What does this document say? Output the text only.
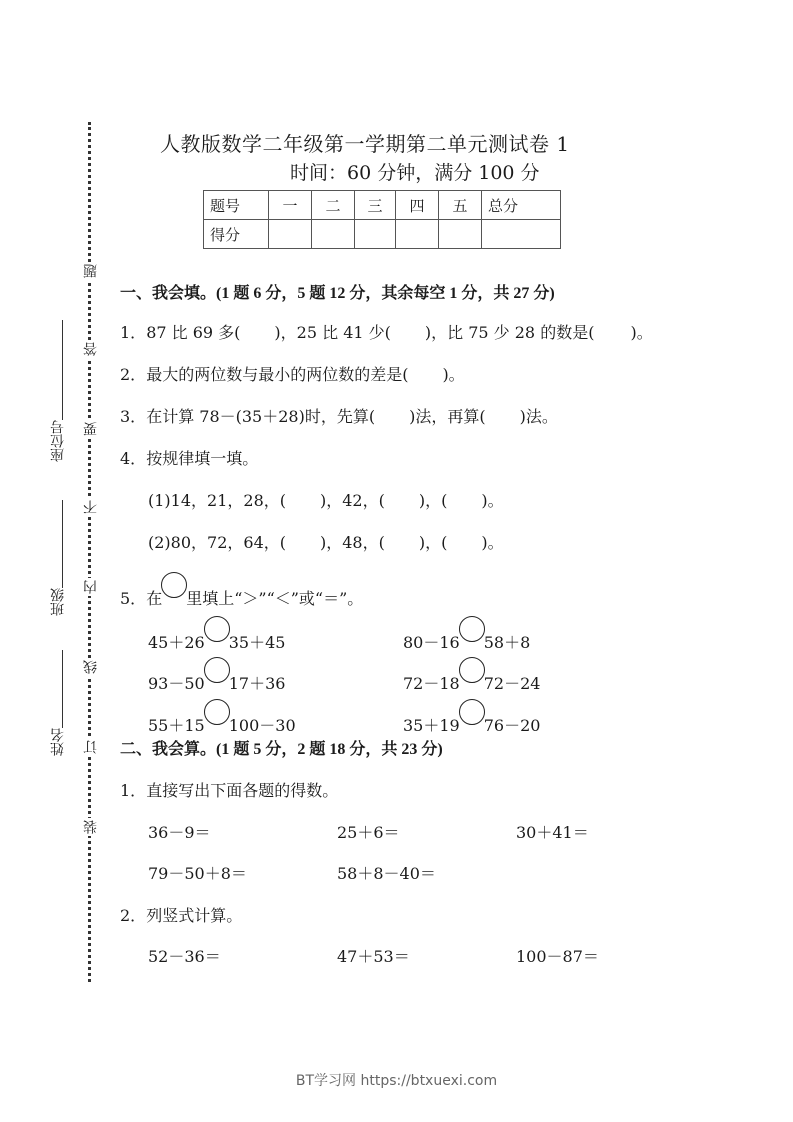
题
答
要
不
内
线
订
装
座位号
班级
姓名
人教版数学二年级第一学期第二单元测试卷 1
时间：60 分钟，满分 100 分
题号	一	二	三	四	五	总分
得分						
一、我会填。(1 题 6 分，5 题 12 分，其余每空 1 分，共 27 分)
1．87 比 69 多( )，25 比 41 少( )，比 75 少 28 的数是( )。
2．最大的两位数与最小的两位数的差是( )。
3．在计算 78－(35＋28)时，先算( )法，再算( )法。
4．按规律填一填。
(1)14，21，28，( )，42，( )，( )。
(2)80，72，64，( )，48，( )，( )。
5．在 里填上“＞”“＜”或“＝”。
45＋26 35＋45	80－16 58＋8
93－50 17＋36	72－18 72－24
55＋15 100－30	35＋19 76－20
二、我会算。(1 题 5 分，2 题 18 分，共 23 分)
1．直接写出下面各题的得数。
36－9＝	25＋6＝	30＋41＝
79－50＋8＝	58＋8－40＝
2．列竖式计算。
52－36＝	47＋53＝	100－87＝
BT学习网 https://btxuexi.com
